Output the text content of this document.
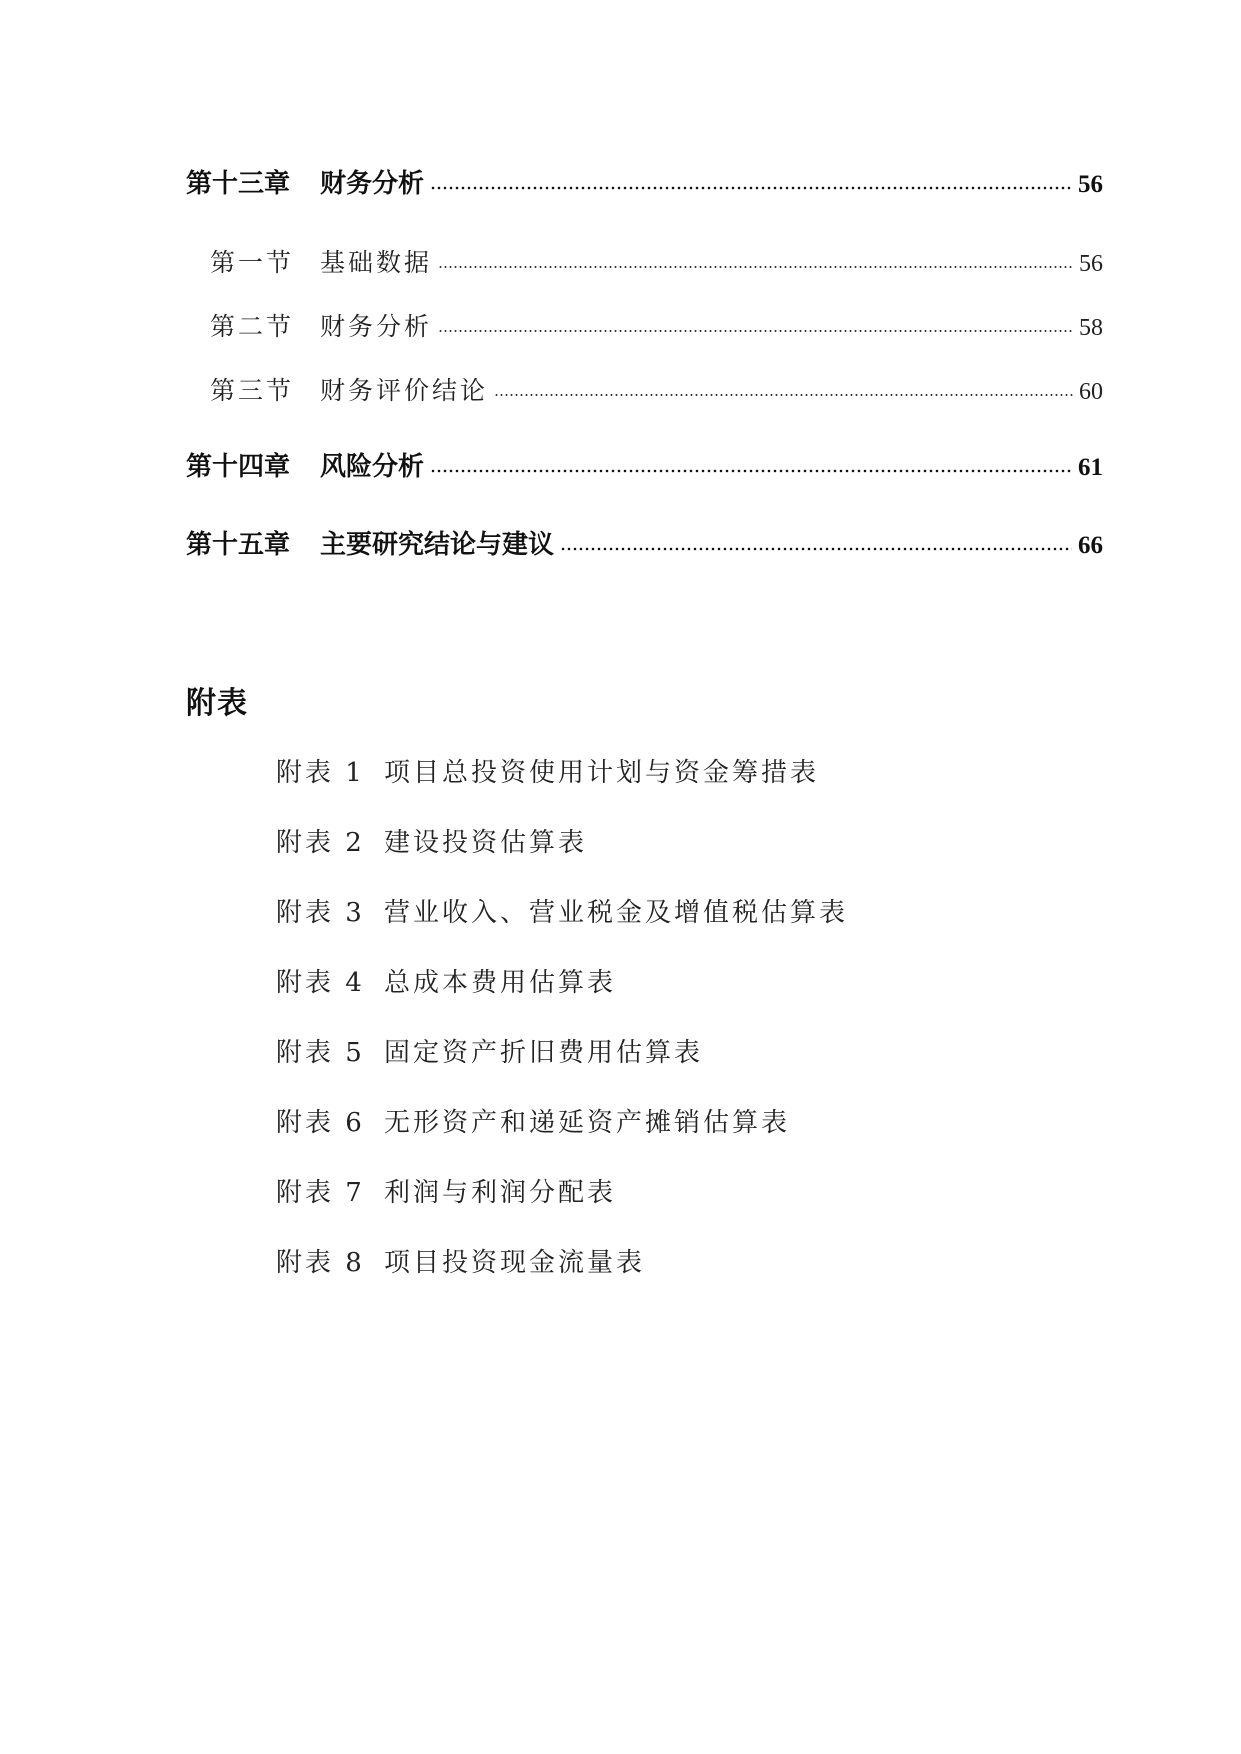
第十三章 财务分析	56
第一节 基础数据	56
第二节 财务分析	58
第三节 财务评价结论	60
第十四章 风险分析	61
第十五章 主要研究结论与建议	66
附表
附表 1 项目总投资使用计划与资金筹措表
附表 2 建设投资估算表
附表 3 营业收入、营业税金及增值税估算表
附表 4 总成本费用估算表
附表 5 固定资产折旧费用估算表
附表 6 无形资产和递延资产摊销估算表
附表 7 利润与利润分配表
附表 8 项目投资现金流量表
